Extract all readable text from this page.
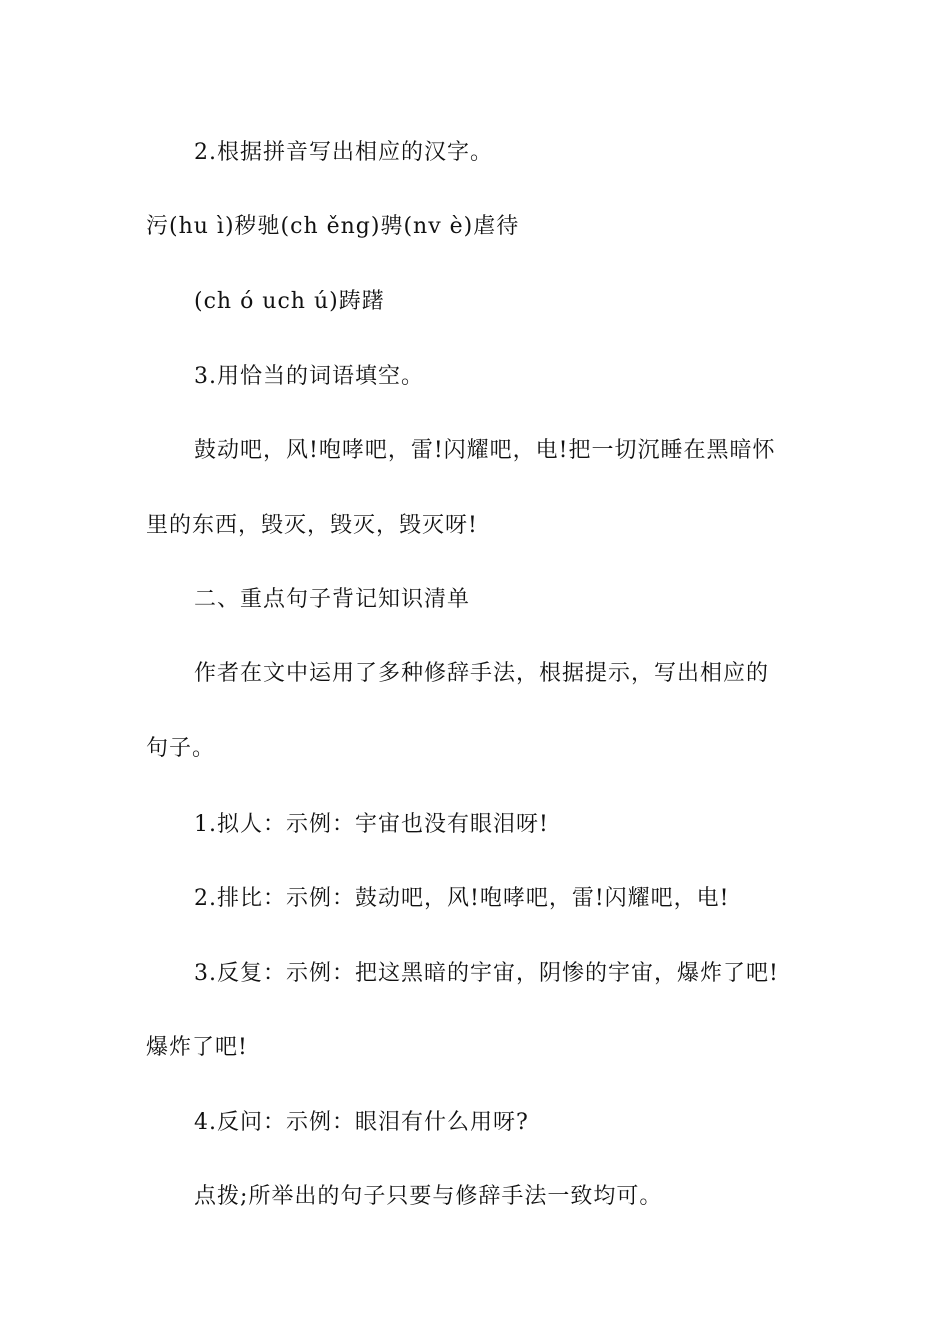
2.根据拼音写出相应的汉字。
污(hu ì)秽驰(ch ěng)骋(nv è)虐待
(ch ó uch ú)踌躇
3.用恰当的词语填空。
鼓动吧，风!咆哮吧，雷!闪耀吧，电!把一切沉睡在黑暗怀
里的东西，毁灭，毁灭，毁灭呀!
二、重点句子背记知识清单
作者在文中运用了多种修辞手法，根据提示，写出相应的
句子。
1.拟人：示例：宇宙也没有眼泪呀!
2.排比：示例：鼓动吧，风!咆哮吧，雷!闪耀吧，电!
3.反复：示例：把这黑暗的宇宙，阴惨的宇宙，爆炸了吧!
爆炸了吧!
4.反问：示例：眼泪有什么用呀?
点拨;所举出的句子只要与修辞手法一致均可。
